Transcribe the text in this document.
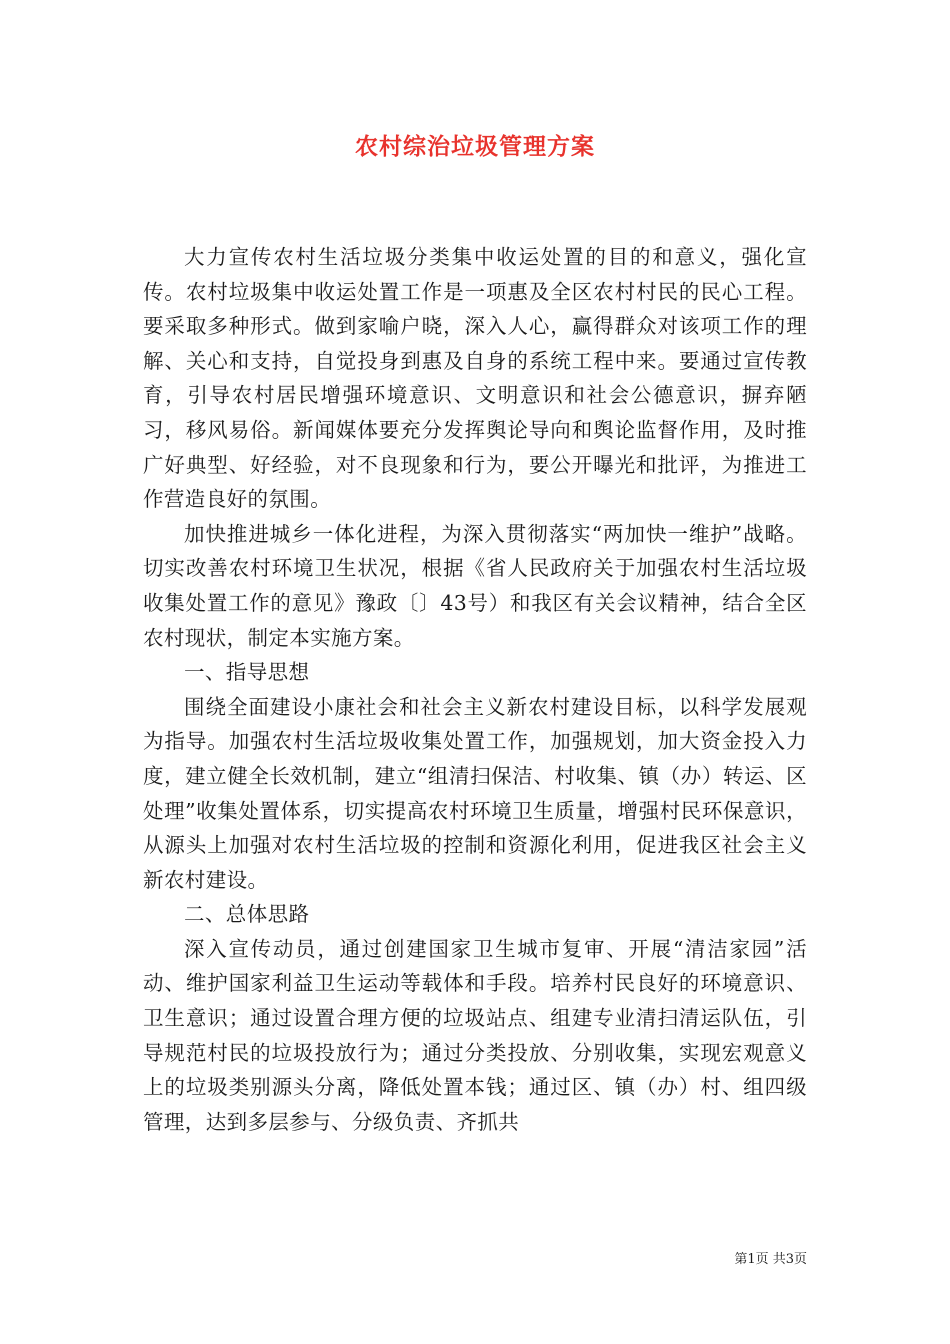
农村综治垃圾管理方案

大力宣传农村生活垃圾分类集中收运处置的目的和意义，强化宣传。农村垃圾集中收运处置工作是一项惠及全区农村村民的民心工程。要采取多种形式。做到家喻户晓，深入人心，赢得群众对该项工作的理解、关心和支持，自觉投身到惠及自身的系统工程中来。要通过宣传教育，引导农村居民增强环境意识、文明意识和社会公德意识，摒弃陋习，移风易俗。新闻媒体要充分发挥舆论导向和舆论监督作用，及时推广好典型、好经验，对不良现象和行为，要公开曝光和批评，为推进工作营造良好的氛围。

加快推进城乡一体化进程，为深入贯彻落实“两加快一维护”战略。切实改善农村环境卫生状况，根据《省人民政府关于加强农村生活垃圾收集处置工作的意见》豫政〔〕43号）和我区有关会议精神，结合全区农村现状，制定本实施方案。

一、指导思想

围绕全面建设小康社会和社会主义新农村建设目标，以科学发展观为指导。加强农村生活垃圾收集处置工作，加强规划，加大资金投入力度，建立健全长效机制，建立“组清扫保洁、村收集、镇（办）转运、区处理”收集处置体系，切实提高农村环境卫生质量，增强村民环保意识，从源头上加强对农村生活垃圾的控制和资源化利用，促进我区社会主义新农村建设。

二、总体思路

深入宣传动员，通过创建国家卫生城市复审、开展“清洁家园”活动、维护国家利益卫生运动等载体和手段。培养村民良好的环境意识、卫生意识；通过设置合理方便的垃圾站点、组建专业清扫清运队伍，引导规范村民的垃圾投放行为；通过分类投放、分别收集，实现宏观意义上的垃圾类别源头分离，降低处置本钱；通过区、镇（办）村、组四级管理，达到多层参与、分级负责、齐抓共

第1页 共3页
